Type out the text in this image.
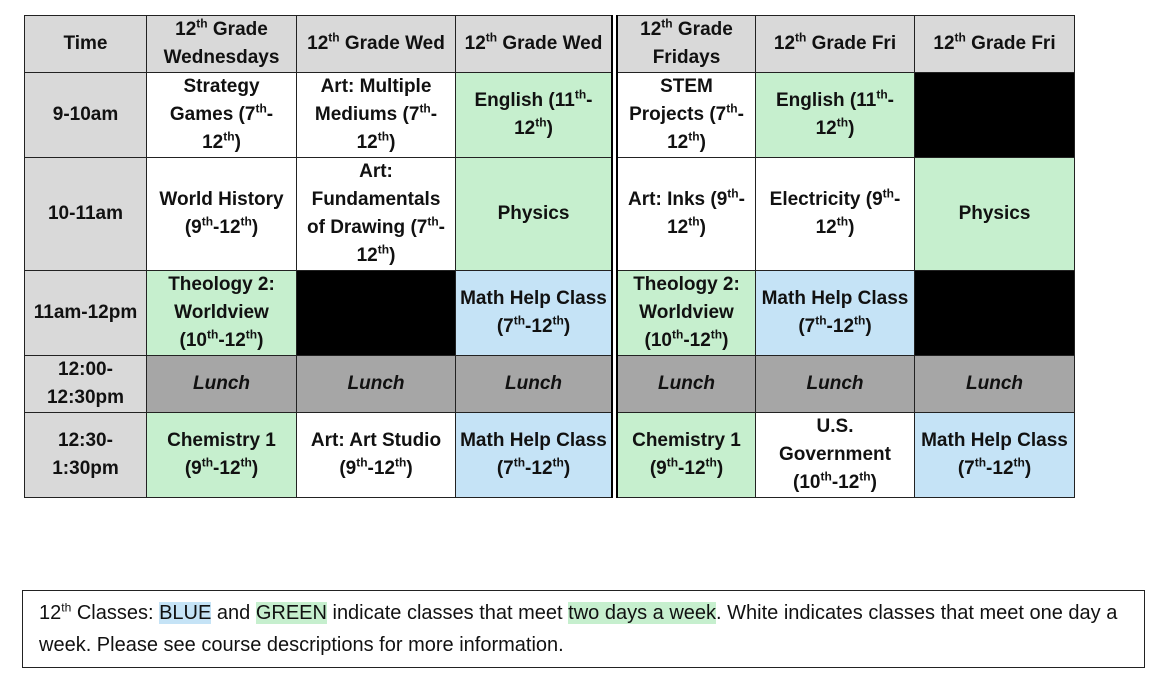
Time	12th Grade Wednesdays	12th Grade Wed	12th Grade Wed	12th Grade Fridays	12th Grade Fri	12th Grade Fri
9-10am	Strategy Games (7th-12th)	Art: Multiple Mediums (7th-12th)	English (11th-12th)	STEM Projects (7th-12th)	English (11th-12th)	
10-11am	World History (9th-12th)	Art: Fundamentals of Drawing (7th-12th)	Physics	Art: Inks (9th-12th)	Electricity (9th-12th)	Physics
11am-12pm	Theology 2: Worldview (10th-12th)		Math Help Class (7th-12th)	Theology 2: Worldview (10th-12th)	Math Help Class (7th-12th)	
12:00-12:30pm	Lunch	Lunch	Lunch	Lunch	Lunch	Lunch
12:30-1:30pm	Chemistry 1 (9th-12th)	Art: Art Studio (9th-12th)	Math Help Class (7th-12th)	Chemistry 1 (9th-12th)	U.S. Government (10th-12th)	Math Help Class (7th-12th)
12th Classes: BLUE and GREEN indicate classes that meet two days a week. White indicates classes that meet one day a week. Please see course descriptions for more information.
